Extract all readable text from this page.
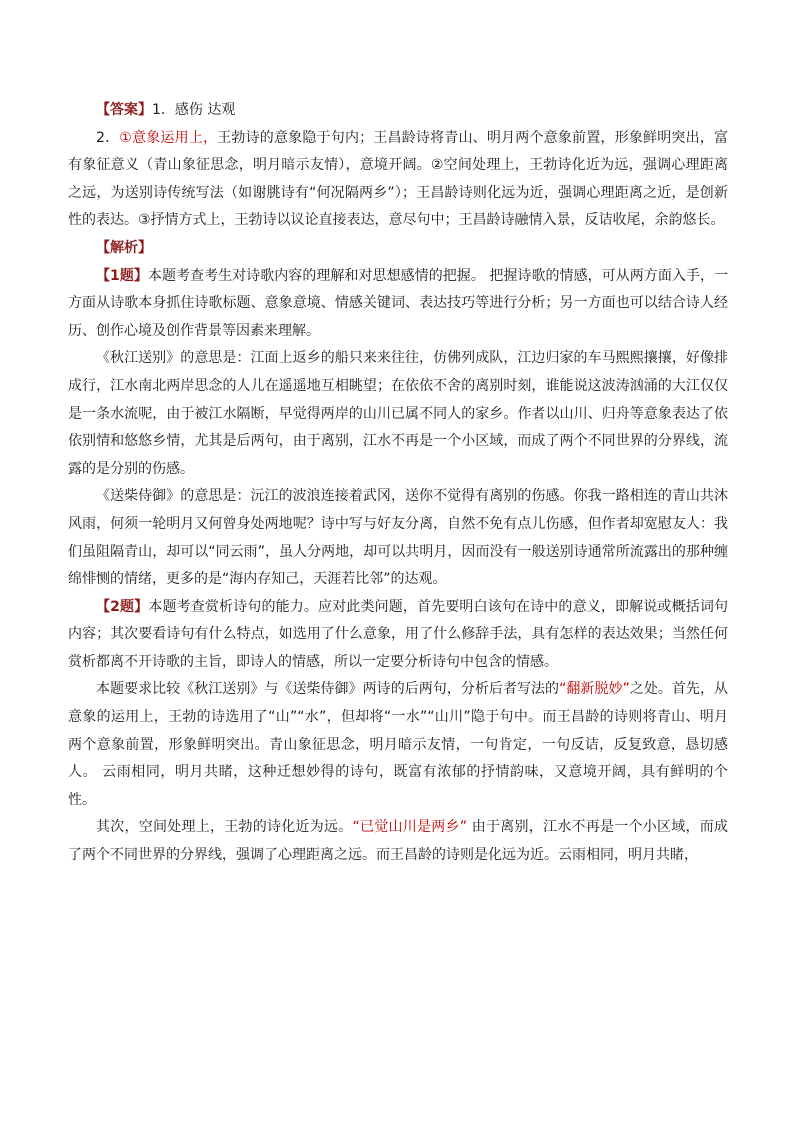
【答案】1．感伤 达观

2．①意象运用上，王勃诗的意象隐于句内；王昌龄诗将青山、明月两个意象前置，形象鲜明突出，富有象征意义（青山象征思念，明月暗示友情），意境开阔。②空间处理上，王勃诗化近为远，强调心理距离之远，为送别诗传统写法（如谢朓诗有“何况隔两乡”）；王昌龄诗则化远为近，强调心理距离之近，是创新性的表达。③抒情方式上，王勃诗以议论直接表达，意尽句中；王昌龄诗融情入景，反诘收尾，余韵悠长。

【解析】

【1题】本题考查考生对诗歌内容的理解和对思想感情的把握。 把握诗歌的情感，可从两方面入手，一方面从诗歌本身抓住诗歌标题、意象意境、情感关键词、表达技巧等进行分析；另一方面也可以结合诗人经历、创作心境及创作背景等因素来理解。

《秋江送别》的意思是：江面上返乡的船只来来往往，仿佛列成队，江边归家的车马熙熙攘攘，好像排成行，江水南北两岸思念的人儿在遥遥地互相眺望；在依依不舍的离别时刻，谁能说这波涛汹涌的大江仅仅是一条水流呢，由于被江水隔断，早觉得两岸的山川已属不同人的家乡。作者以山川、归舟等意象表达了依依别情和悠悠乡情，尤其是后两句，由于离别，江水不再是一个小区域，而成了两个不同世界的分界线，流露的是分别的伤感。

《送柴侍御》的意思是：沅江的波浪连接着武冈，送你不觉得有离别的伤感。你我一路相连的青山共沐风雨，何须一轮明月又何曾身处两地呢？诗中写与好友分离，自然不免有点儿伤感，但作者却宽慰友人：我们虽阻隔青山，却可以“同云雨”，虽人分两地，却可以共明月，因而没有一般送别诗通常所流露出的那种缠绵悱恻的情绪，更多的是“海内存知己，天涯若比邻”的达观。

【2题】本题考查赏析诗句的能力。应对此类问题，首先要明白该句在诗中的意义，即解说或概括词句内容；其次要看诗句有什么特点，如选用了什么意象，用了什么修辞手法，具有怎样的表达效果；当然任何赏析都离不开诗歌的主旨，即诗人的情感，所以一定要分析诗句中包含的情感。

本题要求比较《秋江送别》与《送柴侍御》两诗的后两句，分析后者写法的“翻新脱妙”之处。首先，从意象的运用上，王勃的诗选用了“山”“水”，但却将“一水”“山川”隐于句中。而王昌龄的诗则将青山、明月两个意象前置，形象鲜明突出。青山象征思念，明月暗示友情，一句肯定，一句反诘，反复致意，恳切感人。 云雨相同，明月共睹，这种迁想妙得的诗句，既富有浓郁的抒情韵味，又意境开阔，具有鲜明的个性。

其次，空间处理上，王勃的诗化近为远。“已觉山川是两乡” 由于离别，江水不再是一个小区域，而成了两个不同世界的分界线，强调了心理距离之远。而王昌龄的诗则是化远为近。云雨相同，明月共睹，
